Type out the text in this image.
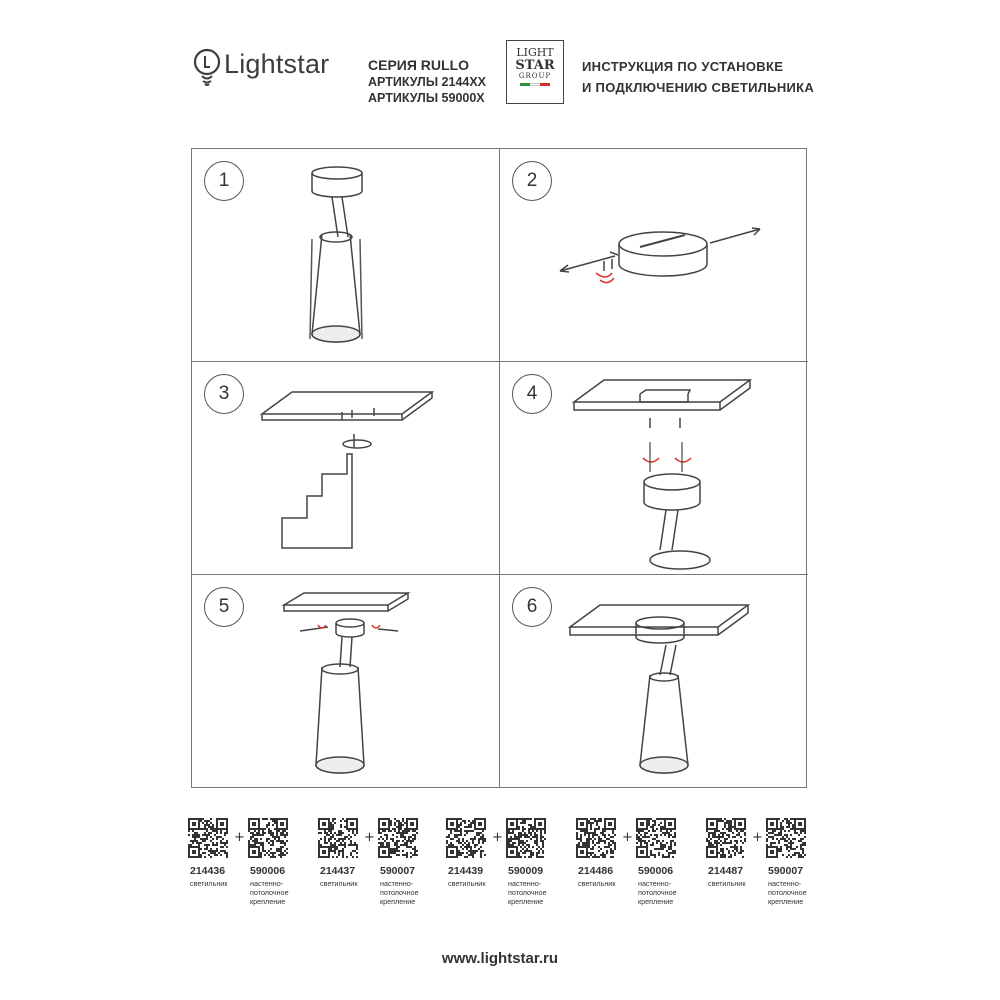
Lightstar	СЕРИЯ RULLO
АРТИКУЛЫ 2144XX
АРТИКУЛЫ 59000X
LIGHT
STAR
GROUP
ИНСТРУКЦИЯ ПО УСТАНОВКЕ
И ПОДКЛЮЧЕНИЮ СВЕТИЛЬНИКА
1	2
3	4
5	6
+
214436 590006
светильник	настенно-
потолочное
крепление
+
214437 590007
светильник	настенно-
потолочное
крепление
+
214439 590009
светильник	настенно-
потолочное
крепление
+
214486 590006
светильник	настенно-
потолочное
крепление
+
214487 590007
светильник	настенно-
потолочное
крепление
www.lightstar.ru
